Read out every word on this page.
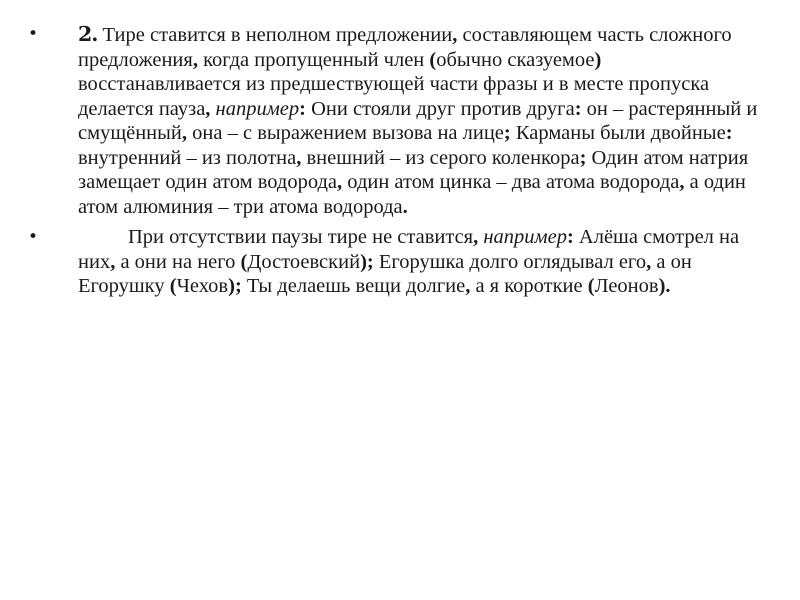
• 2. Тире ставится в неполном предложении, составляющем часть сложного предложения, когда пропущенный член (обычно сказуемое) восстанавливается из предшествующей части фразы и в месте пропуска делается пауза, например: Они стояли друг против друга: он – растерянный и смущённый, она – с выражением вызова на лице; Карманы были двойные: внутренний – из полотна, внешний – из серого коленкора; Один атом натрия замещает один атом водорода, один атом цинка – два атома водорода, а один атом алюминия – три атома водорода.
•	При отсутствии паузы тире не ставится, например: Алёша смотрел на них, а они на него (Достоевский); Егорушка долго оглядывал его, а он Егорушку (Чехов); Ты делаешь вещи долгие, а я короткие (Леонов).
